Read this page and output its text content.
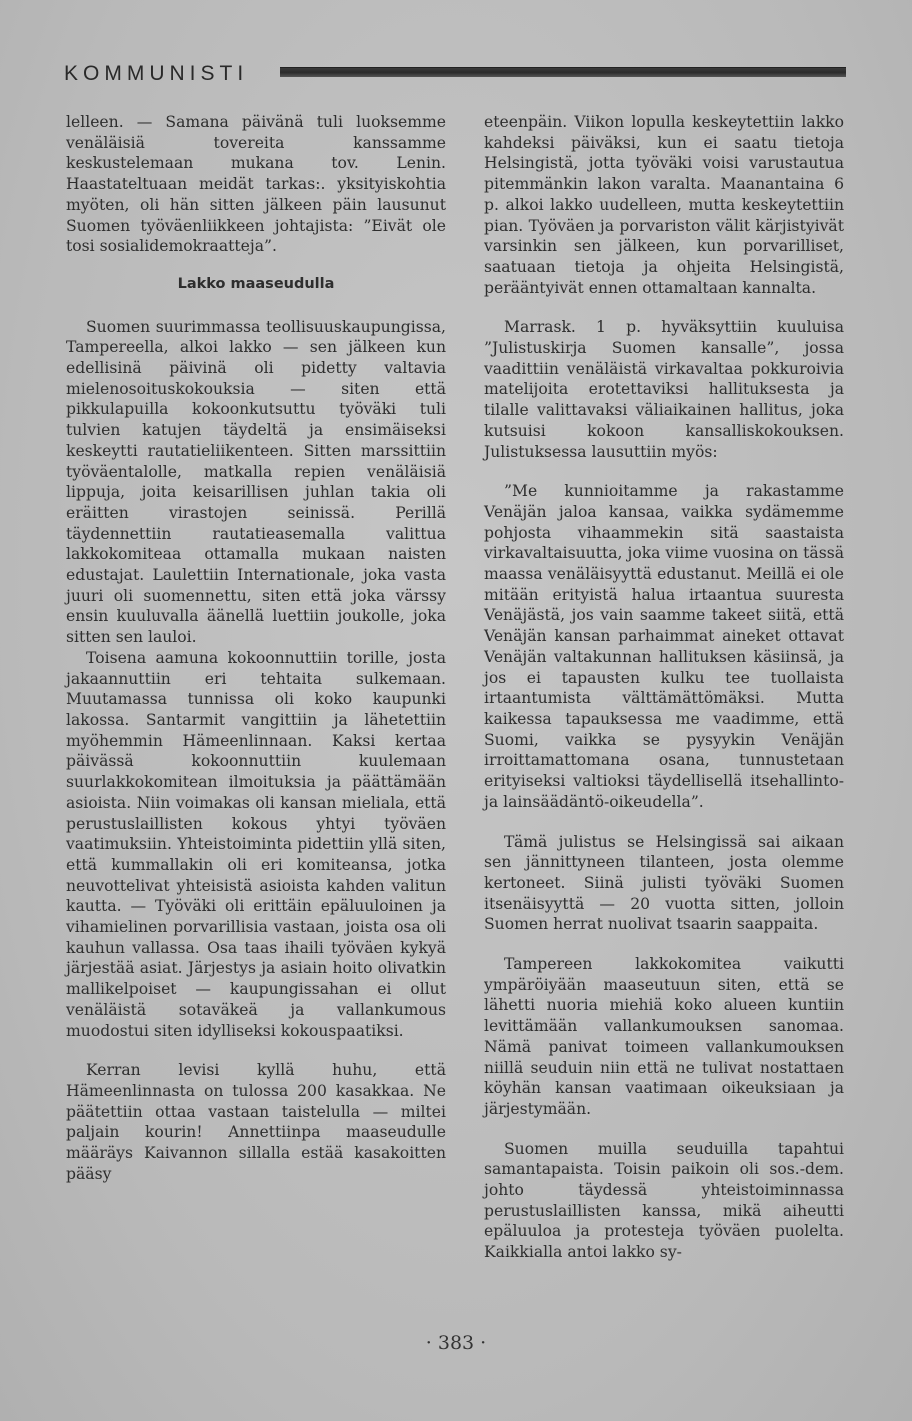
KOMMUNISTI

lelleen. — Samana päivänä tuli luoksemme venäläisiä tovereita kanssamme keskustelemaan mukana tov. Lenin. Haastateltuaan meidät tarkas:. yksityiskohtia myöten, oli hän sitten jälkeen päin lausunut Suomen työväenliikkeen johtajista: ”Eivät ole tosi sosialidemokraatteja”.

Lakko maaseudulla

Suomen suurimmassa teollisuuskaupungissa, Tampereella, alkoi lakko — sen jälkeen kun edellisinä päivinä oli pidetty valtavia mielenosoituskokouksia — siten että pikkulapuilla kokoonkutsuttu työväki tuli tulvien katujen täydeltä ja ensimäiseksi keskeytti rautatieliikenteen. Sitten marssittiin työväentalolle, matkalla repien venäläisiä lippuja, joita keisarillisen juhlan takia oli eräitten virastojen seinissä. Perillä täydennettiin rautatieasemalla valittua lakkokomiteaa ottamalla mukaan naisten edustajat. Laulettiin Internationale, joka vasta juuri oli suomennettu, siten että joka värssy ensin kuuluvalla äänellä luettiin joukolle, joka sitten sen lauloi.

Toisena aamuna kokoonnuttiin torille, josta jakaannuttiin eri tehtaita sulkemaan. Muutamassa tunnissa oli koko kaupunki lakossa. Santarmit vangittiin ja lähetettiin myöhemmin Hämeenlinnaan. Kaksi kertaa päivässä kokoonnuttiin kuulemaan suurlakkokomitean ilmoituksia ja päättämään asioista. Niin voimakas oli kansan mieliala, että perustuslaillisten kokous yhtyi työväen vaatimuksiin. Yhteistoiminta pidettiin yllä siten, että kummallakin oli eri komiteansa, jotka neuvottelivat yhteisistä asioista kahden valitun kautta. — Työväki oli erittäin epäluuloinen ja vihamielinen porvarillisia vastaan, joista osa oli kauhun vallassa. Osa taas ihaili työväen kykyä järjestää asiat. Järjestys ja asiain hoito olivatkin mallikelpoiset — kaupungissahan ei ollut venäläistä sotaväkeä ja vallankumous muodostui siten idylliseksi kokouspaatiksi.

Kerran levisi kyllä huhu, että Hämeenlinnasta on tulossa 200 kasakkaa. Ne päätettiin ottaa vastaan taistelulla — miltei paljain kourin! Annettiinpa maaseudulle määräys Kaivannon sillalla estää kasakoitten pääsy

eteenpäin. Viikon lopulla keskeytettiin lakko kahdeksi päiväksi, kun ei saatu tietoja Helsingistä, jotta työväki voisi varustautua pitemmänkin lakon varalta. Maanantaina 6 p. alkoi lakko uudelleen, mutta keskeytettiin pian. Työväen ja porvariston välit kärjistyivät varsinkin sen jälkeen, kun porvarilliset, saatuaan tietoja ja ohjeita Helsingistä, perääntyivät ennen ottamaltaan kannalta.

Marrask. 1 p. hyväksyttiin kuuluisa ”Julistuskirja Suomen kansalle”, jossa vaadittiin venäläistä virkavaltaa pokkuroivia matelijoita erotettaviksi hallituksesta ja tilalle valittavaksi väliaikainen hallitus, joka kutsuisi kokoon kansalliskokouksen. Julistuksessa lausuttiin myös:

”Me kunnioitamme ja rakastamme Venäjän jaloa kansaa, vaikka sydämemme pohjosta vihaammekin sitä saastaista virkavaltaisuutta, joka viime vuosina on tässä maassa venäläisyyttä edustanut. Meillä ei ole mitään erityistä halua irtaantua suuresta Venäjästä, jos vain saamme takeet siitä, että Venäjän kansan parhaimmat aineket ottavat Venäjän valtakunnan hallituksen käsiinsä, ja jos ei tapausten kulku tee tuollaista irtaantumista välttämättömäksi. Mutta kaikessa tapauksessa me vaadimme, että Suomi, vaikka se pysyykin Venäjän irroittamattomana osana, tunnustetaan erityiseksi valtioksi täydellisellä itsehallinto- ja lainsäädäntö-oikeudella”.

Tämä julistus se Helsingissä sai aikaan sen jännittyneen tilanteen, josta olemme kertoneet. Siinä julisti työväki Suomen itsenäisyyttä — 20 vuotta sitten, jolloin Suomen herrat nuolivat tsaarin saappaita.

Tampereen lakkokomitea vaikutti ympäröiyään maaseutuun siten, että se lähetti nuoria miehiä koko alueen kuntiin levittämään vallankumouksen sanomaa. Nämä panivat toimeen vallankumouksen niillä seuduin niin että ne tulivat nostattaen köyhän kansan vaatimaan oikeuksiaan ja järjestymään.

Suomen muilla seuduilla tapahtui samantapaista. Toisin paikoin oli sos.-dem. johto täydessä yhteistoiminnassa perustuslaillisten kanssa, mikä aiheutti epäluuloa ja protesteja työväen puolelta. Kaikkialla antoi lakko sy-

· 383 ·
